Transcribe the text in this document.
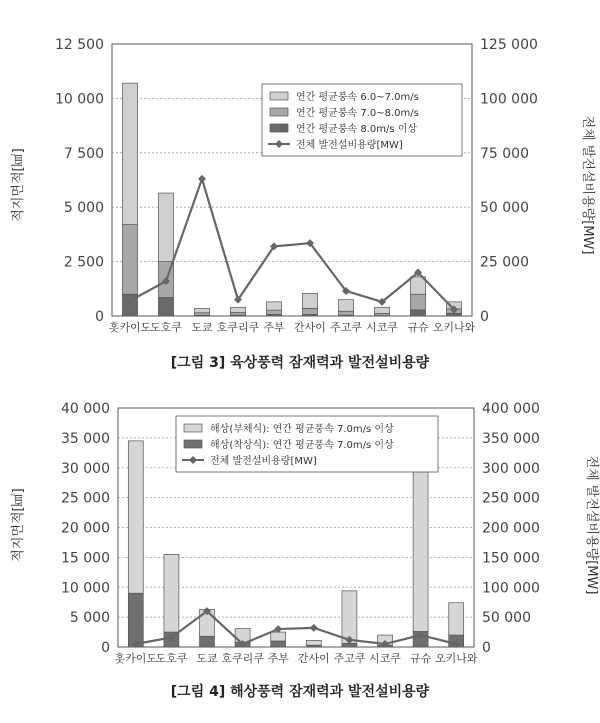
0
2 500
5 000
7 500
10 000
12 500
0
25 000
50 000
75 000
100 000
125 000
홋카이도
도호쿠 도쿄 호쿠리쿠 주부 간사이 주고쿠 시코쿠 규슈 오키나와
적지면적[㎢]	전체 발전설비용량[MW]
연간 평균풍속 6.0~7.0m/s
연간 평균풍속 7.0~8.0m/s
연간 평균풍속 8.0m/s 이상
전체 발전설비용량[MW]
[그림 3] 육상풍력 잠재력과 발전설비용량
0
5 000
10 000
15 000
20 000
25 000
30 000
35 000
40 000
0
50 000
100 000
150 000
200 000
250 000
300 000
350 000
400 000
홋카이도
도호쿠 도쿄 호쿠리쿠 주부 간사이 주고쿠 시코쿠 규슈 오키나와
적지면적[㎢]	전체 발전설비용량[MW]
해상(부체식): 연간 평균풍속 7.0m/s 이상
해상(착상식): 연간 평균풍속 7.0m/s 이상
전체 발전설비용량[MW]
[그림 4] 해상풍력 잠재력과 발전설비용량
